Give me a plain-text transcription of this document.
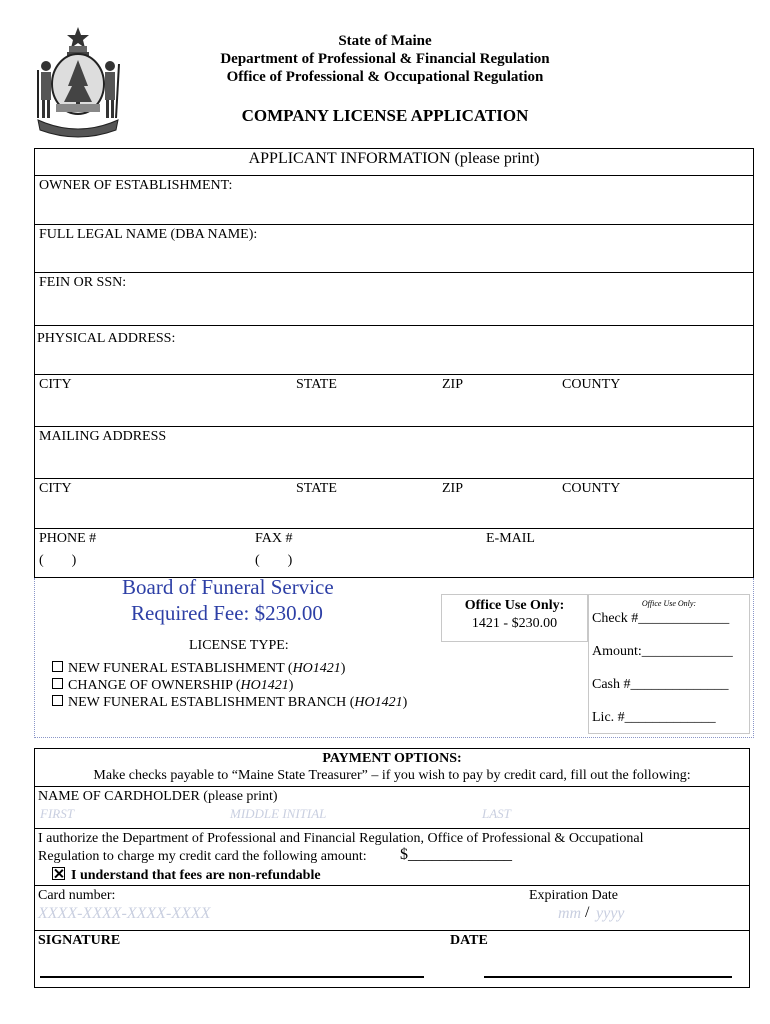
State of Maine
Department of Professional & Financial Regulation
Office of Professional & Occupational Regulation
COMPANY LICENSE APPLICATION
APPLICANT INFORMATION (please print)
OWNER OF ESTABLISHMENT:
FULL LEGAL NAME (DBA NAME):
FEIN OR SSN:
PHYSICAL ADDRESS:
CITY	STATE	ZIP	COUNTY
MAILING ADDRESS
CITY	STATE	ZIP	COUNTY
PHONE #	FAX #	E-MAIL
(        )	(        )
Board of Funeral Service
Required Fee: $230.00
LICENSE TYPE:
NEW FUNERAL ESTABLISHMENT (HO1421)
CHANGE OF OWNERSHIP (HO1421)
NEW FUNERAL ESTABLISHMENT BRANCH (HO1421)
Office Use Only:
1421 - $230.00
Office Use Only:
Check #_____________
Amount:_____________
Cash #______________
Lic. #_____________
PAYMENT OPTIONS:
Make checks payable to “Maine State Treasurer” – if you wish to pay by credit card, fill out the following:
NAME OF CARDHOLDER (please print)
FIRST	MIDDLE INITIAL	LAST
I authorize the Department of Professional and Financial Regulation, Office of Professional & Occupational
Regulation to charge my credit card the following amount: $_____________
I understand that fees are non-refundable
Card number:	Expiration Date
XXXX-XXXX-XXXX-XXXX	mm / yyyy
SIGNATURE	DATE
